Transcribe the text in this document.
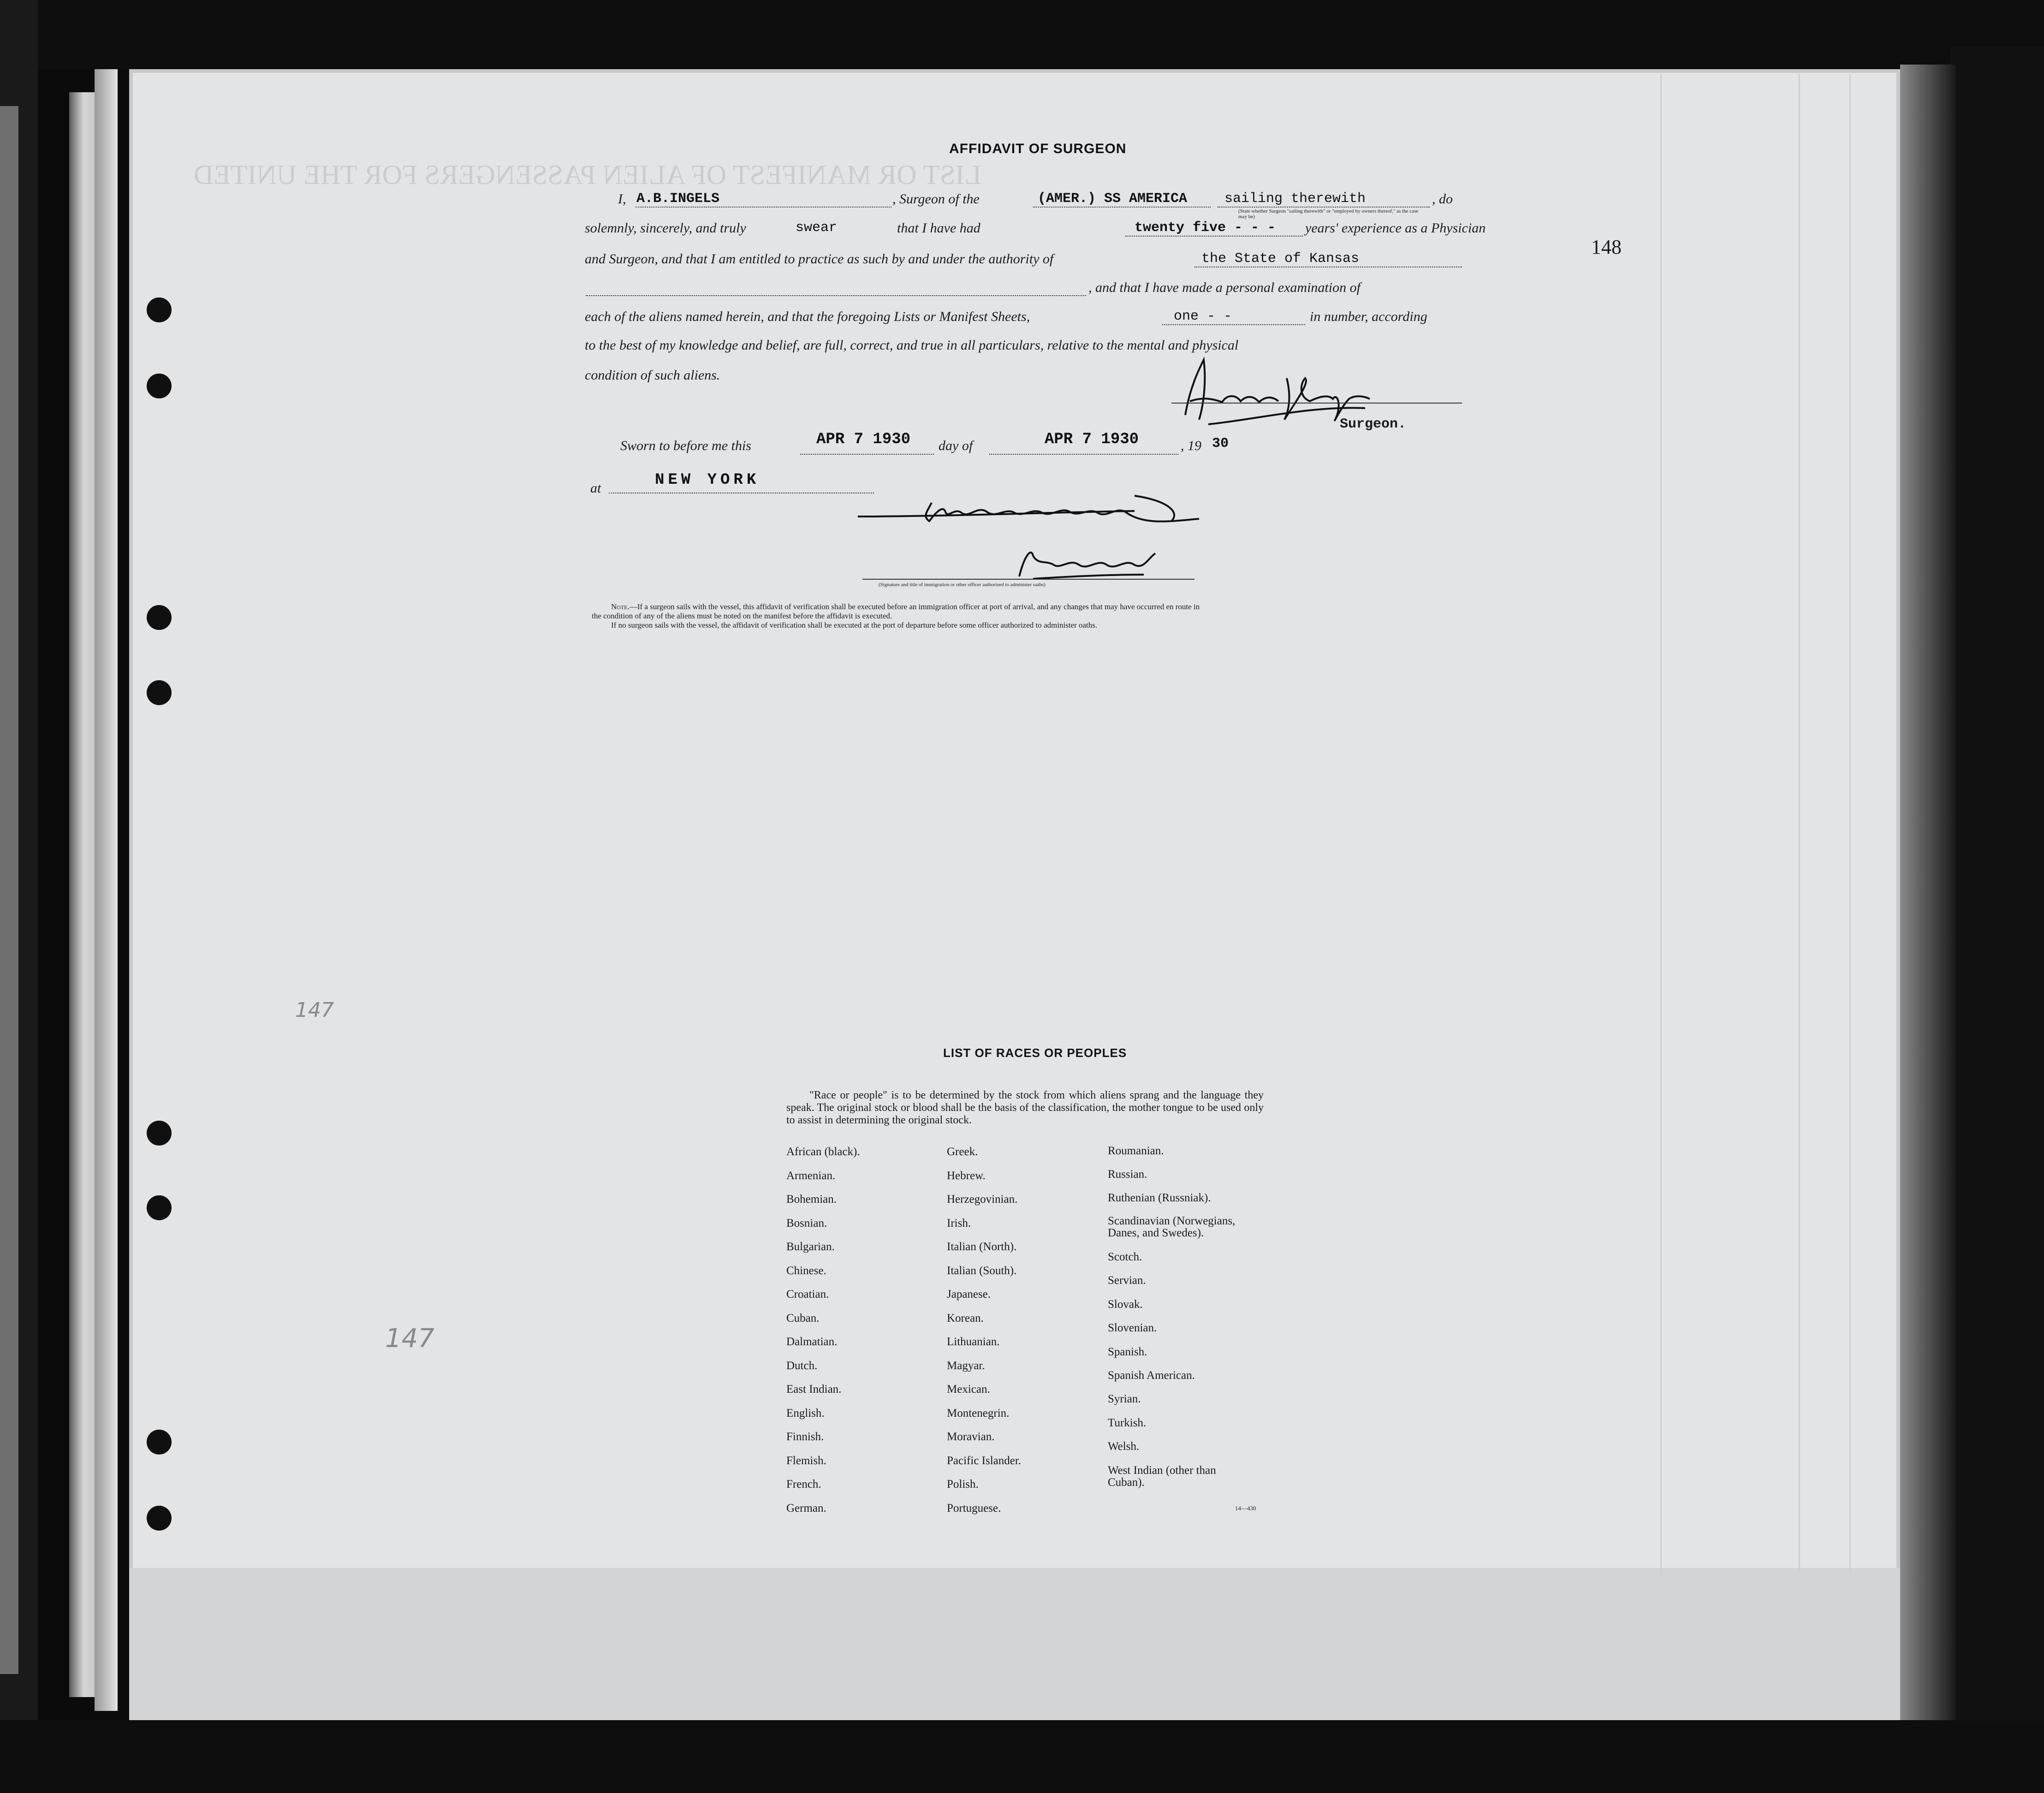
LIST OR MANIFEST OF ALIEN PASSENGERS FOR THE UNITED
148
AFFIDAVIT OF SURGEON
I, A.B.INGELS	, Surgeon of the	(AMER.) SS AMERICA	sailing therewith	, do
(State whether Surgeon "sailing therewith" or "employed by owners thereof," as the case may be)
solemnly, sincerely, and truly	swear	that I have had	twenty five - - - years' experience as a Physician
and Surgeon, and that I am entitled to practice as such by and under the authority of	the State of Kansas
, and that I have made a personal examination of
each of the aliens named herein, and that the foregoing Lists or Manifest Sheets,	one - -	in number, according
to the best of my knowledge and belief, are full, correct, and true in all particulars, relative to the mental and physical
condition of such aliens.
Surgeon.
Sworn to before me this	APR 7 1930 day of	APR 7 1930	, 19 30
at	NEW YORK
(Signature and title of immigration or other officer authorized to administer oaths)
Note.—If a surgeon sails with the vessel, this affidavit of verification shall be executed before an immigration officer at port of arrival, and any changes that may have occurred en route in
the condition of any of the aliens must be noted on the manifest before the affidavit is executed.
If no surgeon sails with the vessel, the affidavit of verification shall be executed at the port of departure before some officer authorized to administer oaths.
147
147
LIST OF RACES OR PEOPLES
"Race or people" is to be determined by the stock from which aliens sprang and the language they speak. The original stock or blood shall be the basis of the classification, the mother tongue to be used only to assist in determining the original stock.
African (black).
Armenian.
Bohemian.
Bosnian.
Bulgarian.
Chinese.
Croatian.
Cuban.
Dalmatian.
Dutch.
East Indian.
English.
Finnish.
Flemish.
French.
German.
Greek.
Hebrew.
Herzegovinian.
Irish.
Italian (North).
Italian (South).
Japanese.
Korean.
Lithuanian.
Magyar.
Mexican.
Montenegrin.
Moravian.
Pacific Islander.
Polish.
Portuguese.
Roumanian.
Russian.
Ruthenian (Russniak).
Scandinavian (Norwegians,
Danes, and Swedes).
Scotch.
Servian.
Slovak.
Slovenian.
Spanish.
Spanish American.
Syrian.
Turkish.
Welsh.
West Indian (other than
Cuban).
14—430
